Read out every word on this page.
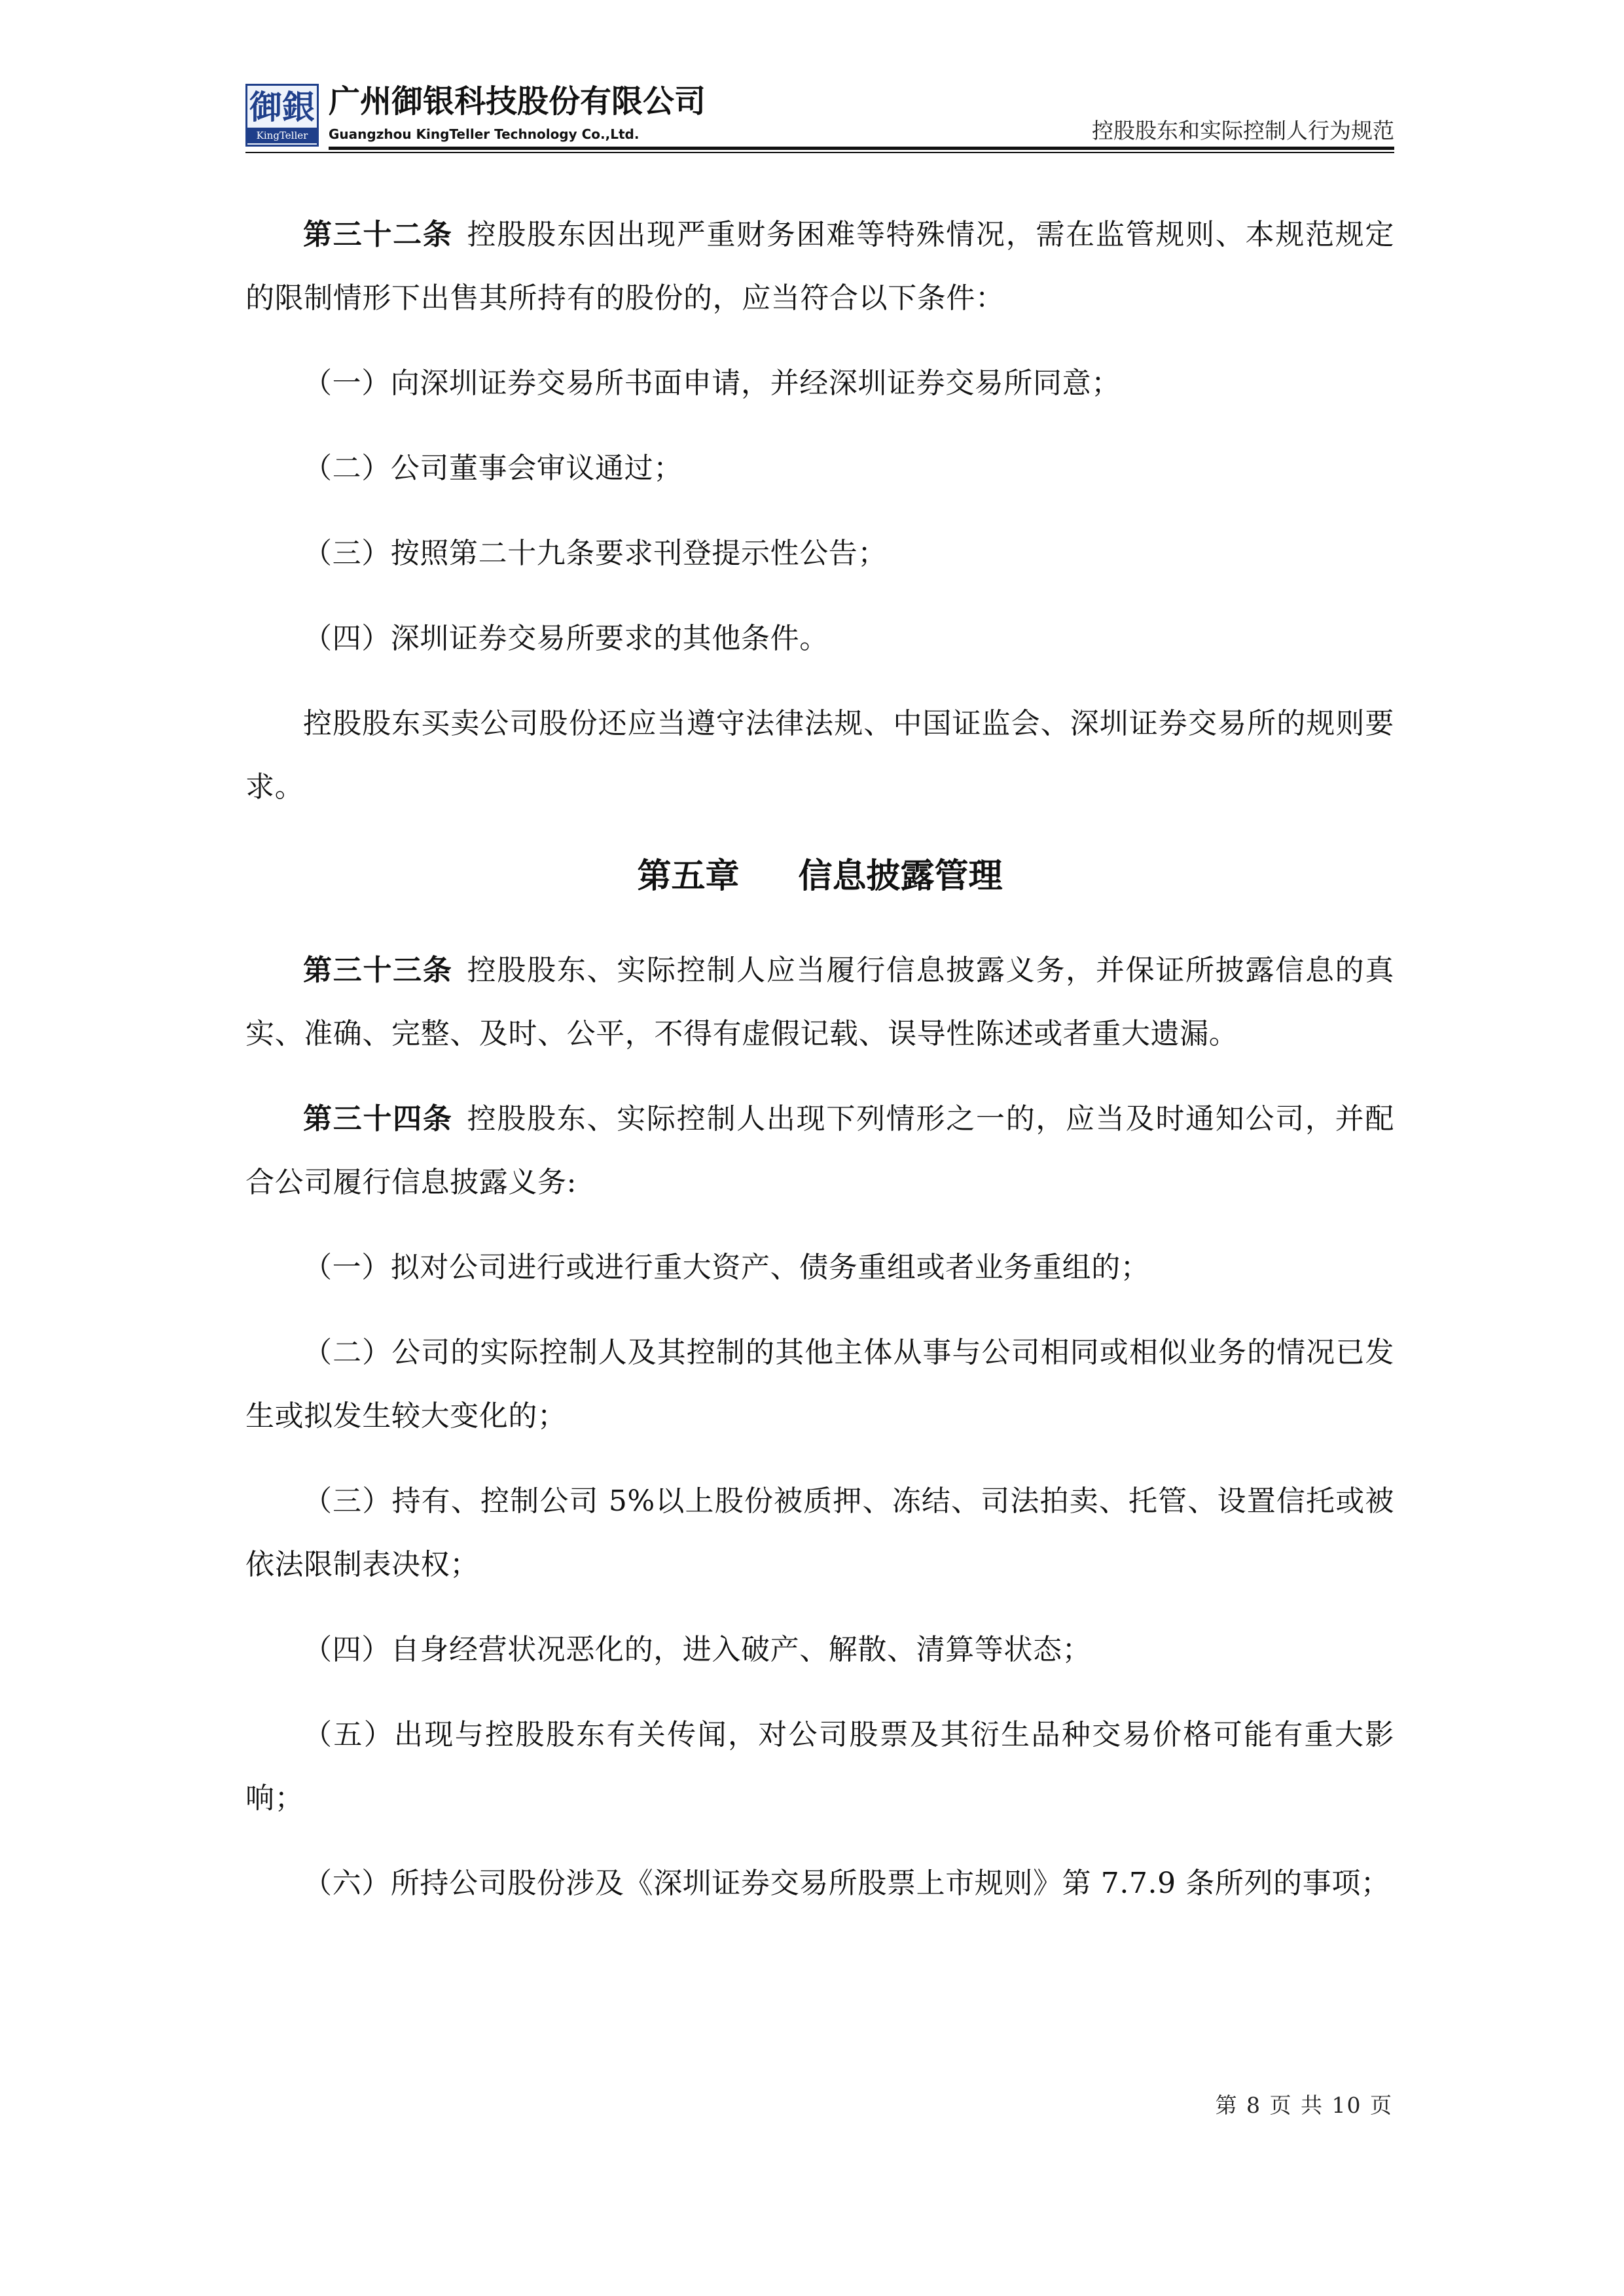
御銀
KingTeller
广州御银科技股份有限公司
Guangzhou KingTeller Technology Co.,Ltd.	控股股东和实际控制人行为规范

第三十二条 控股股东因出现严重财务困难等特殊情况，需在监管规则、本规范规定的限制情形下出售其所持有的股份的，应当符合以下条件：

（一）向深圳证券交易所书面申请，并经深圳证券交易所同意；

（二）公司董事会审议通过；

（三）按照第二十九条要求刊登提示性公告；

（四）深圳证券交易所要求的其他条件。

控股股东买卖公司股份还应当遵守法律法规、中国证监会、深圳证券交易所的规则要求。

第五章 信息披露管理

第三十三条 控股股东、实际控制人应当履行信息披露义务，并保证所披露信息的真实、准确、完整、及时、公平，不得有虚假记载、误导性陈述或者重大遗漏。

第三十四条 控股股东、实际控制人出现下列情形之一的，应当及时通知公司，并配合公司履行信息披露义务:

（一）拟对公司进行或进行重大资产、债务重组或者业务重组的；

（二）公司的实际控制人及其控制的其他主体从事与公司相同或相似业务的情况已发生或拟发生较大变化的；

（三）持有、控制公司 5%以上股份被质押、冻结、司法拍卖、托管、设置信托或被依法限制表决权；

（四）自身经营状况恶化的，进入破产、解散、清算等状态；

（五）出现与控股股东有关传闻，对公司股票及其衍生品种交易价格可能有重大影响；

（六）所持公司股份涉及《深圳证券交易所股票上市规则》第 7.7.9 条所列的事项；

第 8 页 共 10 页
